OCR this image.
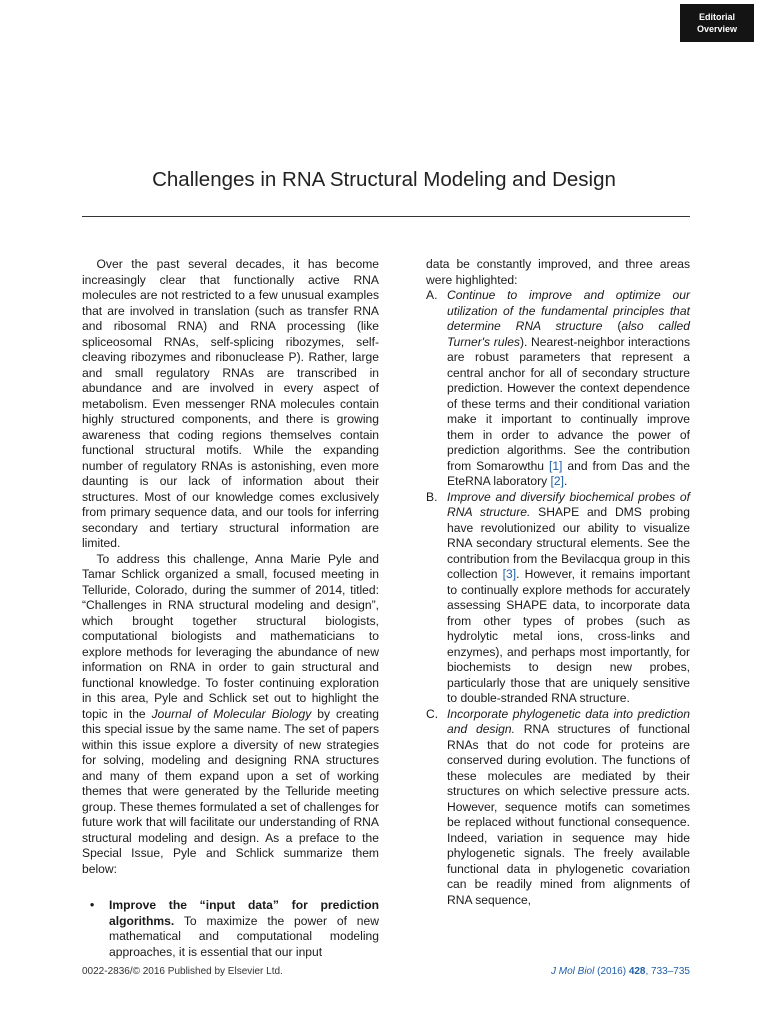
Editorial
Overview
Challenges in RNA Structural Modeling and Design

Over the past several decades, it has become increasingly clear that functionally active RNA molecules are not restricted to a few unusual examples that are involved in translation (such as transfer RNA and ribosomal RNA) and RNA processing (like spliceosomal RNAs, self-splicing ribozymes, self-cleaving ribozymes and ribonuclease P). Rather, large and small regulatory RNAs are transcribed in abundance and are involved in every aspect of metabolism. Even messenger RNA molecules contain highly structured components, and there is growing awareness that coding regions themselves contain functional structural motifs. While the expanding number of regulatory RNAs is astonishing, even more daunting is our lack of information about their structures. Most of our knowledge comes exclusively from primary sequence data, and our tools for inferring secondary and tertiary structural information are limited.

To address this challenge, Anna Marie Pyle and Tamar Schlick organized a small, focused meeting in Telluride, Colorado, during the summer of 2014, titled: “Challenges in RNA structural modeling and design”, which brought together structural biologists, computational biologists and mathematicians to explore methods for leveraging the abundance of new information on RNA in order to gain structural and functional knowledge. To foster continuing exploration in this area, Pyle and Schlick set out to highlight the topic in the Journal of Molecular Biology by creating this special issue by the same name. The set of papers within this issue explore a diversity of new strategies for solving, modeling and designing RNA structures and many of them expand upon a set of working themes that were generated by the Telluride meeting group. These themes formulated a set of challenges for future work that will facilitate our understanding of RNA structural modeling and design. As a preface to the Special Issue, Pyle and Schlick summarize them below:

• Improve the “input data” for prediction algorithms. To maximize the power of new mathematical and computational modeling approaches, it is essential that our input

data be constantly improved, and three areas were highlighted:

A. Continue to improve and optimize our utilization of the fundamental principles that determine RNA structure (also called Turner's rules). Nearest-neighbor interactions are robust parameters that represent a central anchor for all of secondary structure prediction. However the context dependence of these terms and their conditional variation make it important to continually improve them in order to advance the power of prediction algorithms. See the contribution from Somarowthu [1] and from Das and the EteRNA laboratory [2].
B. Improve and diversify biochemical probes of RNA structure. SHAPE and DMS probing have revolutionized our ability to visualize RNA secondary structural elements. See the contribution from the Bevilacqua group in this collection [3]. However, it remains important to continually explore methods for accurately assessing SHAPE data, to incorporate data from other types of probes (such as hydrolytic metal ions, cross-links and enzymes), and perhaps most importantly, for biochemists to design new probes, particularly those that are uniquely sensitive to double-stranded RNA structure.
C. Incorporate phylogenetic data into prediction and design. RNA structures of functional RNAs that do not code for proteins are conserved during evolution. The functions of these molecules are mediated by their structures on which selective pressure acts. However, sequence motifs can sometimes be replaced without functional consequence. Indeed, variation in sequence may hide phylogenetic signals. The freely available functional data in phylogenetic covariation can be readily mined from alignments of RNA sequence,
0022-2836/© 2016 Published by Elsevier Ltd.	J Mol Biol (2016) 428, 733–735
